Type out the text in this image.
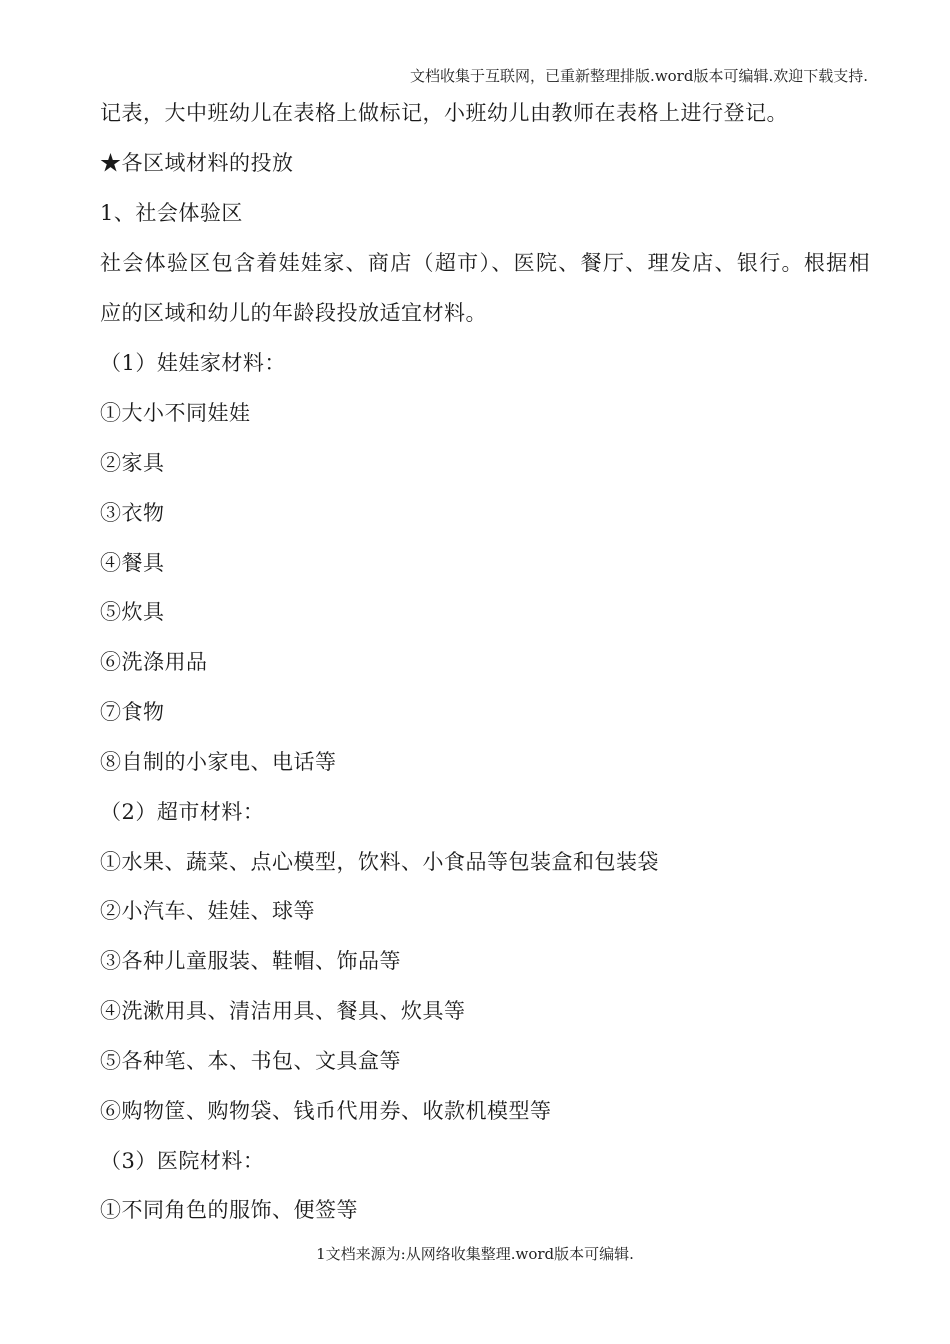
文档收集于互联网，已重新整理排版.word版本可编辑.欢迎下载支持.
记表，大中班幼儿在表格上做标记，小班幼儿由教师在表格上进行登记。
★各区域材料的投放
1、社会体验区
社会体验区包含着娃娃家、商店（超市）、医院、餐厅、理发店、银行。根据相
应的区域和幼儿的年龄段投放适宜材料。
（1）娃娃家材料：
①大小不同娃娃
②家具
③衣物
④餐具
⑤炊具
⑥洗涤用品
⑦食物
⑧自制的小家电、电话等
（2）超市材料：
①水果、蔬菜、点心模型，饮料、小食品等包装盒和包装袋
②小汽车、娃娃、球等
③各种儿童服装、鞋帽、饰品等
④洗漱用具、清洁用具、餐具、炊具等
⑤各种笔、本、书包、文具盒等
⑥购物筐、购物袋、钱币代用券、收款机模型等
（3）医院材料：
①不同角色的服饰、便签等
1文档来源为:从网络收集整理.word版本可编辑.
